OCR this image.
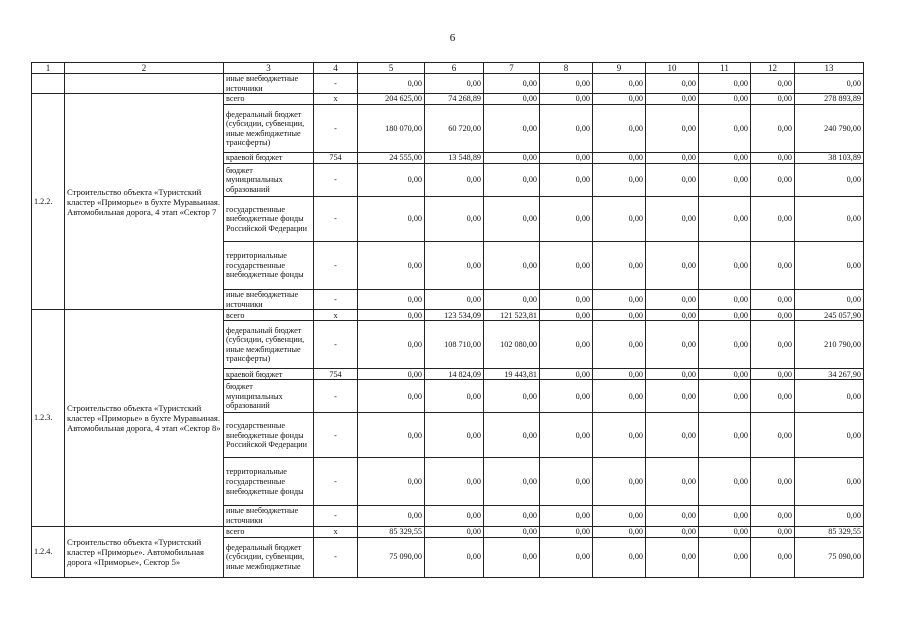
6
1	2	3	4	5	6	7	8	9	10	11	12	13
		иные внебюджетные источники	-	0,00	0,00	0,00	0,00	0,00	0,00	0,00	0,00	0,00
1.2.2.	Строительство объекта «Туристский кластер «Приморье» в бухте Муравьиная. Автомобильная дорога, 4 этап «Сектор 7	всего	x	204 625,00	74 268,89	0,00	0,00	0,00	0,00	0,00	0,00	278 893,89
		федеральный бюджет (субсидии, субвенции, иные межбюджетные трансферты)	-	180 070,00	60 720,00	0,00	0,00	0,00	0,00	0,00	0,00	240 790,00
		краевой бюджет	754	24 555,00	13 548,89	0,00	0,00	0,00	0,00	0,00	0,00	38 103,89
		бюджет муниципальных образований	-	0,00	0,00	0,00	0,00	0,00	0,00	0,00	0,00	0,00
		государственные внебюджетные фонды Российской Федерации	-	0,00	0,00	0,00	0,00	0,00	0,00	0,00	0,00	0,00
		территориальные государственные внебюджетные фонды	-	0,00	0,00	0,00	0,00	0,00	0,00	0,00	0,00	0,00
		иные внебюджетные источники	-	0,00	0,00	0,00	0,00	0,00	0,00	0,00	0,00	0,00
1.2.3.	Строительство объекта «Туристский кластер «Приморье» в бухте Муравьиная. Автомобильная дорога, 4 этап «Сектор 8»	всего	x	0,00	123 534,09	121 523,81	0,00	0,00	0,00	0,00	0,00	245 057,90
		федеральный бюджет (субсидии, субвенции, иные межбюджетные трансферты)	-	0,00	108 710,00	102 080,00	0,00	0,00	0,00	0,00	0,00	210 790,00
		краевой бюджет	754	0,00	14 824,09	19 443,81	0,00	0,00	0,00	0,00	0,00	34 267,90
		бюджет муниципальных образований	-	0,00	0,00	0,00	0,00	0,00	0,00	0,00	0,00	0,00
		государственные внебюджетные фонды Российской Федерации	-	0,00	0,00	0,00	0,00	0,00	0,00	0,00	0,00	0,00
		территориальные государственные внебюджетные фонды	-	0,00	0,00	0,00	0,00	0,00	0,00	0,00	0,00	0,00
		иные внебюджетные источники	-	0,00	0,00	0,00	0,00	0,00	0,00	0,00	0,00	0,00
1.2.4.	Строительство объекта «Туристский кластер «Приморье». Автомобильная дорога «Приморье», Сектор 5»	всего	x	85 329,55	0,00	0,00	0,00	0,00	0,00	0,00	0,00	85 329,55
		федеральный бюджет (субсидии, субвенции, иные межбюджетные	-	75 090,00	0,00	0,00	0,00	0,00	0,00	0,00	0,00	75 090,00
